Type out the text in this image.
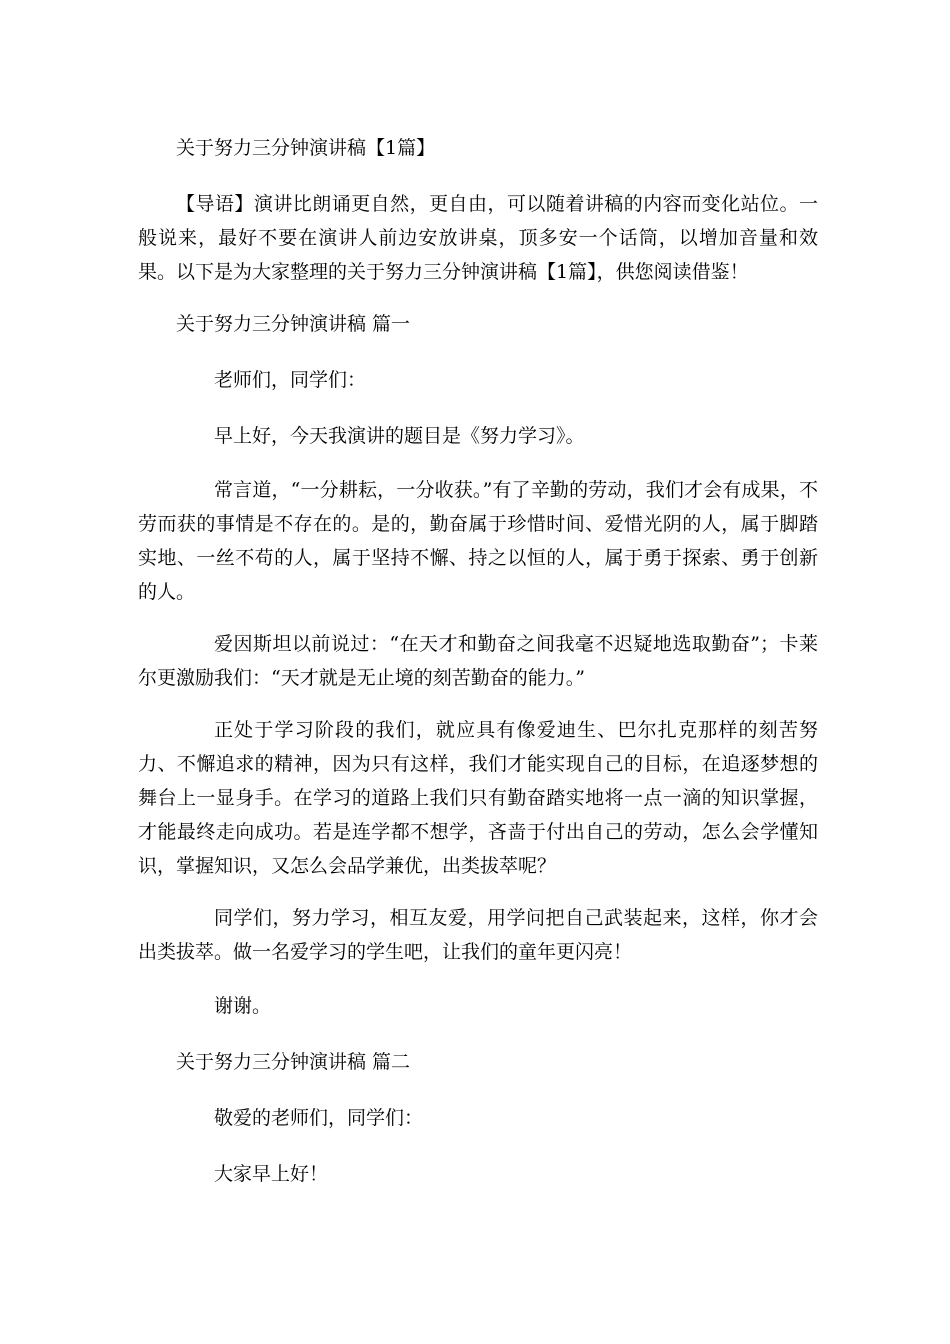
关于努力三分钟演讲稿【1篇】

【导语】演讲比朗诵更自然，更自由，可以随着讲稿的内容而变化站位。一般说来，最好不要在演讲人前边安放讲桌，顶多安一个话筒，以增加音量和效果。以下是为大家整理的关于努力三分钟演讲稿【1篇】，供您阅读借鉴！

关于努力三分钟演讲稿 篇一

老师们，同学们：

早上好，今天我演讲的题目是《努力学习》。

常言道，“一分耕耘，一分收获。”有了辛勤的劳动，我们才会有成果，不劳而获的事情是不存在的。是的，勤奋属于珍惜时间、爱惜光阴的人，属于脚踏实地、一丝不苟的人，属于坚持不懈、持之以恒的人，属于勇于探索、勇于创新的人。

爱因斯坦以前说过：“在天才和勤奋之间我毫不迟疑地选取勤奋”；卡莱尔更激励我们：“天才就是无止境的刻苦勤奋的能力。”

正处于学习阶段的我们，就应具有像爱迪生、巴尔扎克那样的刻苦努力、不懈追求的精神，因为只有这样，我们才能实现自己的目标，在追逐梦想的舞台上一显身手。在学习的道路上我们只有勤奋踏实地将一点一滴的知识掌握，才能最终走向成功。若是连学都不想学，吝啬于付出自己的劳动，怎么会学懂知识，掌握知识，又怎么会品学兼优，出类拔萃呢？

同学们，努力学习，相互友爱，用学问把自己武装起来，这样，你才会出类拔萃。做一名爱学习的学生吧，让我们的童年更闪亮！

谢谢。

关于努力三分钟演讲稿 篇二

敬爱的老师们，同学们：

大家早上好！
